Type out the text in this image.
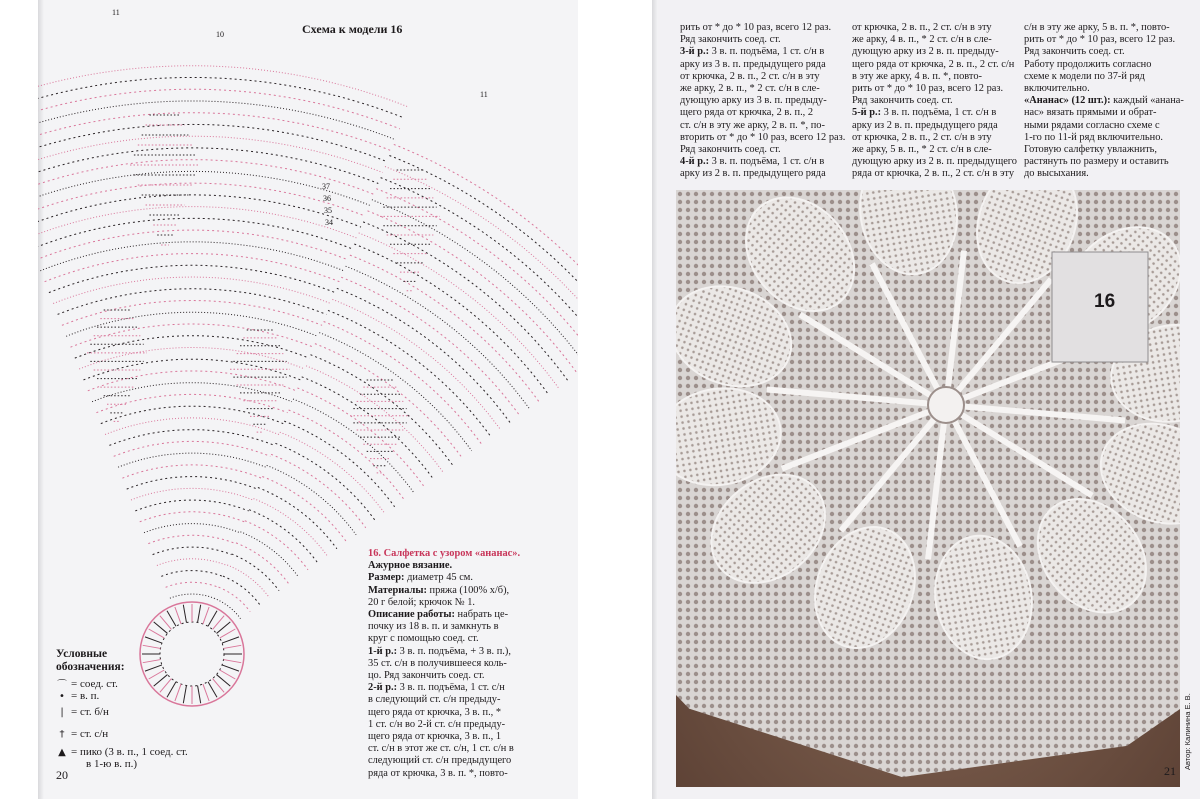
Схема к модели 16

11
10
11
37
36
35
34

Условные

обозначения:

⌒ = соед. ст.
• = в. п.
| = ст. б/н
† = ст. с/н
▲ = пико (3 в. п., 1 соед. ст.
в 1-ю в. п.)

20

16. Салфетка с узором «ананас».

Ажурное вязание.

Размер: диаметр 45 см.

Материалы: пряжа (100% х/б),

20 г белой; крючок № 1.

Описание работы: набрать це-

почку из 18 в. п. и замкнуть в

круг с помощью соед. ст.

1-й р.: 3 в. п. подъёма, + 3 в. п.),

35 ст. с/н в получившееся коль-

цо. Ряд закончить соед. ст.

2-й р.: 3 в. п. подъёма, 1 ст. с/н

в следующий ст. с/н предыду-

щего ряда от крючка, 3 в. п., *

1 ст. с/н во 2-й ст. с/н предыду-

щего ряда от крючка, 3 в. п., 1

ст. с/н в этот же ст. с/н, 1 ст. с/н в

следующий ст. с/н предыдущего

ряда от крючка, 3 в. п. *, повто-

рить от * до * 10 раз, всего 12 раз.

Ряд закончить соед. ст.

3-й р.: 3 в. п. подъёма, 1 ст. с/н в

арку из 3 в. п. предыдущего ряда

от крючка, 2 в. п., 2 ст. с/н в эту

же арку, 2 в. п., * 2 ст. с/н в сле-

дующую арку из 3 в. п. предыду-

щего ряда от крючка, 2 в. п., 2

ст. с/н в эту же арку, 2 в. п. *, по-

вторить от * до * 10 раз, всего 12 раз.

Ряд закончить соед. ст.

4-й р.: 3 в. п. подъёма, 1 ст. с/н в

арку из 2 в. п. предыдущего ряда

от крючка, 2 в. п., 2 ст. с/н в эту

же арку, 4 в. п., * 2 ст. с/н в сле-

дующую арку из 2 в. п. предыду-

щего ряда от крючка, 2 в. п., 2 ст. с/н

в эту же арку, 4 в. п. *, повто-

рить от * до * 10 раз, всего 12 раз.

Ряд закончить соед. ст.

5-й р.: 3 в. п. подъёма, 1 ст. с/н в

арку из 2 в. п. предыдущего ряда

от крючка, 2 в. п., 2 ст. с/н в эту

же арку, 5 в. п., * 2 ст. с/н в сле-

дующую арку из 2 в. п. предыдущего

ряда от крючка, 2 в. п., 2 ст. с/н в эту

с/н в эту же арку, 5 в. п. *, повто-

рить от * до * 10 раз, всего 12 раз.

Ряд закончить соед. ст.

Работу продолжить согласно

схеме к модели по 37-й ряд

включительно.

«Ананас» (12 шт.): каждый «анана-

нас» вязать прямыми и обрат-

ными рядами согласно схеме с

1-го по 11-й ряд включительно.

Готовую салфетку увлажнить,

растянуть по размеру и оставить

до высыхания.

16
Автор: Калинина Е. В.

21
